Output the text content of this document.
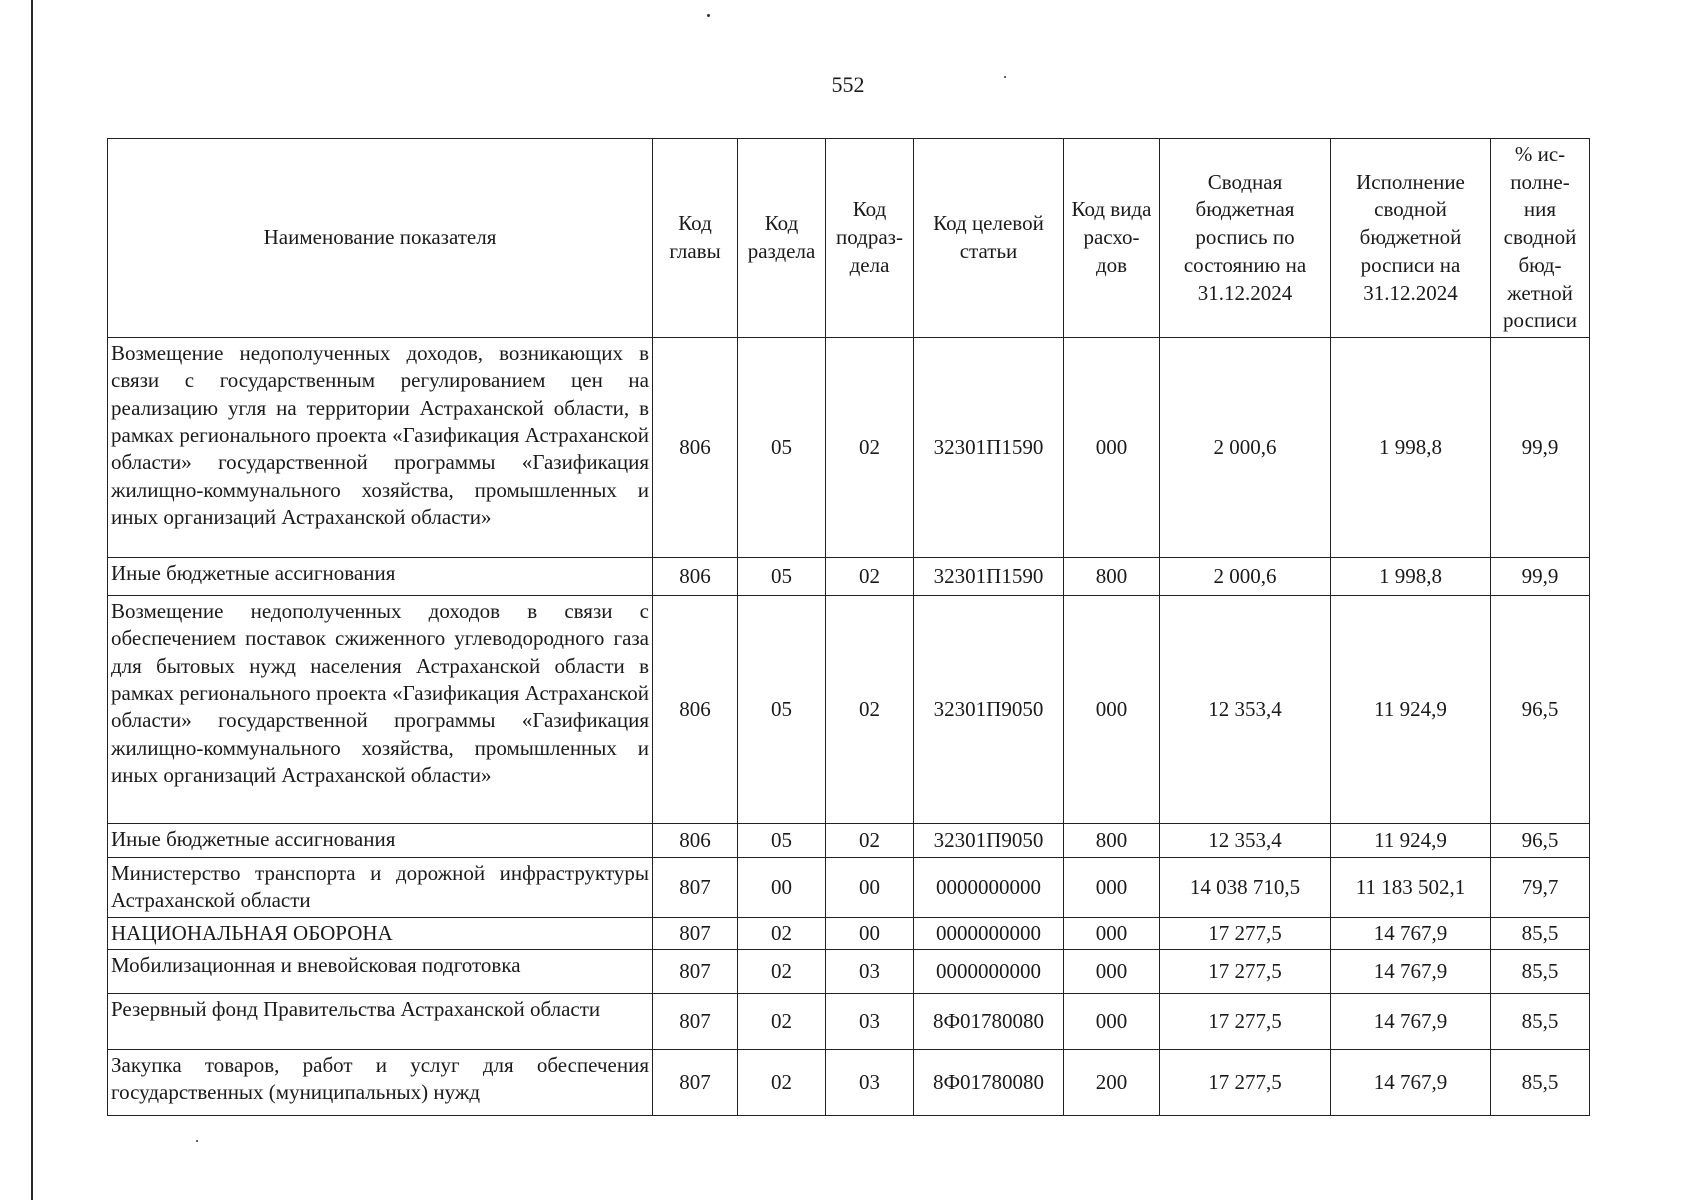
552
Наименование показателя	Код главы	Код раздела	Код подраз-дела	Код целевой статьи	Код вида расхо-дов	Сводная бюджетная роспись по состоянию на 31.12.2024	Исполнение сводной бюджетной росписи на 31.12.2024	% ис-полне-ния сводной бюд-жетной росписи
Возмещение недополученных доходов, возникающих в связи с государственным регулированием цен на реализацию угля на территории Астраханской области, в рамках регионального проекта «Газификация Астраханской области» государственной программы «Газификация жилищно-коммунального хозяйства, промышленных и иных организаций Астраханской области»	806	05	02	32301П1590	000	2 000,6	1 998,8	99,9
Иные бюджетные ассигнования	806	05	02	32301П1590	800	2 000,6	1 998,8	99,9
Возмещение недополученных доходов в связи с обеспечением поставок сжиженного углеводородного газа для бытовых нужд населения Астраханской области в рамках регионального проекта «Газификация Астраханской области» государственной программы «Газификация жилищно-коммунального хозяйства, промышленных и иных организаций Астраханской области»	806	05	02	32301П9050	000	12 353,4	11 924,9	96,5
Иные бюджетные ассигнования	806	05	02	32301П9050	800	12 353,4	11 924,9	96,5
Министерство транспорта и дорожной инфраструктуры Астраханской области	807	00	00	0000000000	000	14 038 710,5	11 183 502,1	79,7
НАЦИОНАЛЬНАЯ ОБОРОНА	807	02	00	0000000000	000	17 277,5	14 767,9	85,5
Мобилизационная и вневойсковая подготовка	807	02	03	0000000000	000	17 277,5	14 767,9	85,5
Резервный фонд Правительства Астраханской области	807	02	03	8Ф01780080	000	17 277,5	14 767,9	85,5
Закупка товаров, работ и услуг для обеспечения государственных (муниципальных) нужд	807	02	03	8Ф01780080	200	17 277,5	14 767,9	85,5
